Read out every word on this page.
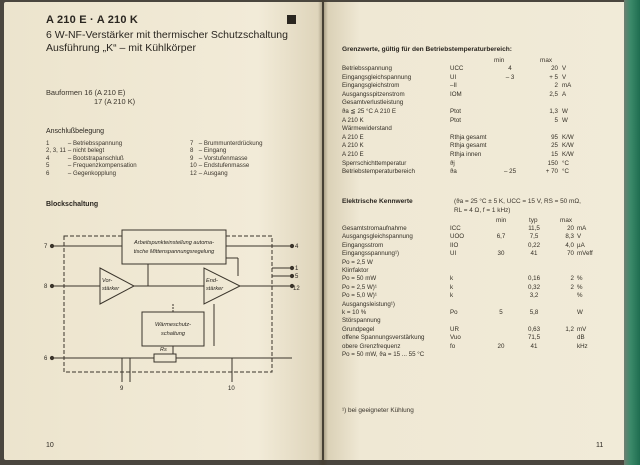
A 210 E · A 210 K
6 W-NF-Verstärker mit thermischer Schutzschaltung
Ausführung „K“ – mit Kühlkörper
Bauformen 16 (A 210 E)
17 (A 210 K)
Anschlußbelegung
1	– Betriebsspannung
2, 3, 11	– nicht belegt
4	– Bootstrapanschluß
5	– Frequenzkompensation
6	– Gegenkopplung
7	– Brummunterdrückung
8	– Eingang
9	– Vorstufenmasse
10	– Endstufenmasse
12	– Ausgang
Blockschaltung
Arbeitspunkteinstellung automa-
tische Mittenspannungsregelung
Vor-
stärker
End-
stärker
Wärmeschutz-
schaltung
Rs
7
8
6
4
1
5
12
9	10
10
Grenzwerte, gültig für den Betriebstemperaturbereich:
min	max
Betriebsspannung	UCC	4	20	V
Eingangsgleichspannung	UI	– 3	+ 5	V
Eingangsgleichstrom	–II		2	mA
Ausgangsspitzenstrom	IOM		2,5	A
Gesamtverlustleistung				
ϑa ≦ 25 °C A 210 E	Ptot		1,3	W
A 210 K	Ptot		5	W
Wärmewiderstand				
A 210 E	Rthja gesamt		95	K/W
A 210 K	Rthja gesamt		25	K/W
A 210 E	Rthja innen		15	K/W
Sperrschichttemperatur	ϑj		150	°C
Betriebstemperaturbereich	ϑa	– 25	+ 70	°C
Elektrische Kennwerte	(ϑa = 25 °C ± 5 K, UCC = 15 V, RS = 50 mΩ,
RL = 4 Ω, f = 1 kHz)
min	typ	max
Gesamtstromaufnahme	ICC		11,5	20	mA
Ausgangsgleichspannung	UOO	6,7	7,5	8,3	V
Eingangsstrom	IIO		0,22	4,0	µA
Eingangsspannung¹)	UI	30	41	70	mVeff
Po = 2,5 W					
Klirrfaktor					
Po = 50 mW	k		0,16	2	%
Po = 2,5 W)¹	k		0,32	2	%
Po = 5,0 W)¹	k		3,2		%
Ausgangsleistung¹)					
k = 10 %	Po	5	5,8		W
Störspannung					
Grundpegel	UR		0,63	1,2	mV
offene Spannungsverstärkung	Vuo		71,5		dB
obere Grenzfrequenz	fo	20	41		kHz
Po = 50 mW, ϑa = 15 ... 55 °C					
¹) bei geeigneter Kühlung
11
